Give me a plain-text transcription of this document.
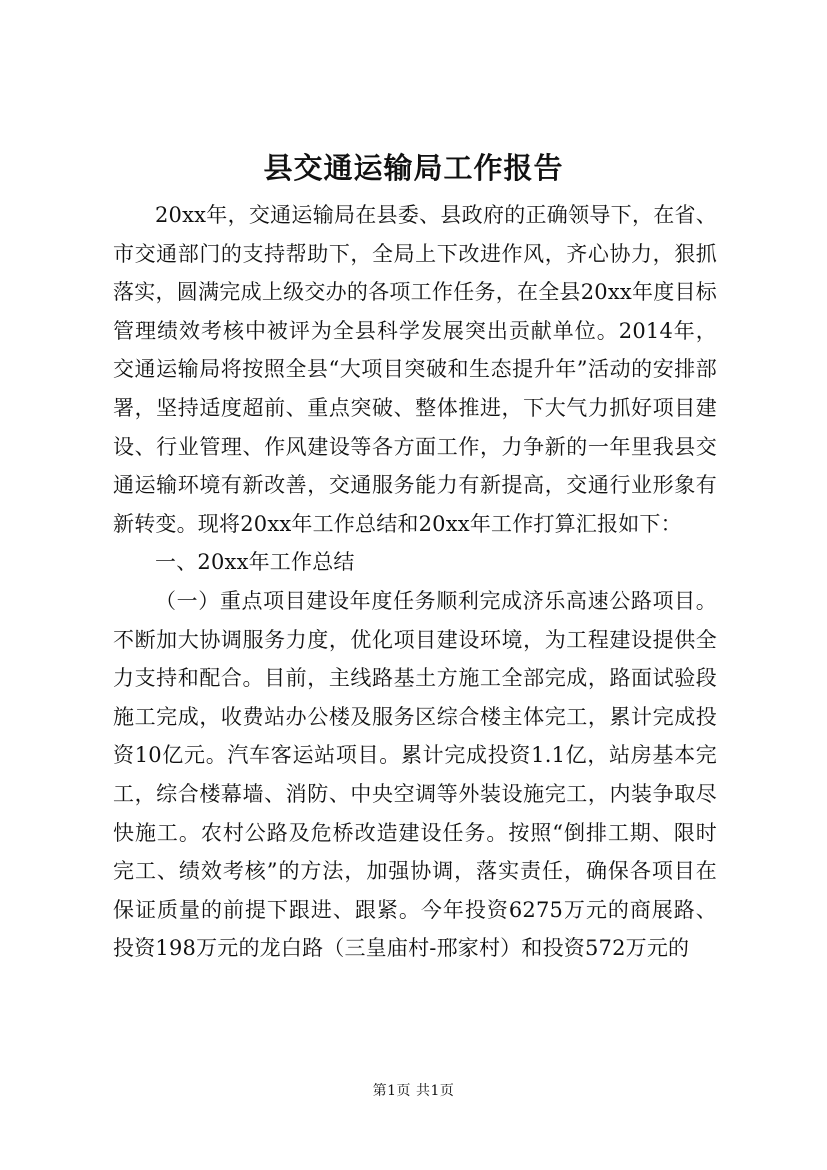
县交通运输局工作报告

20xx年，交通运输局在县委、县政府的正确领导下，在省、市交通部门的支持帮助下，全局上下改进作风，齐心协力，狠抓落实，圆满完成上级交办的各项工作任务，在全县20xx年度目标管理绩效考核中被评为全县科学发展突出贡献单位。2014年，交通运输局将按照全县“大项目突破和生态提升年”活动的安排部署，坚持适度超前、重点突破、整体推进，下大气力抓好项目建设、行业管理、作风建设等各方面工作，力争新的一年里我县交通运输环境有新改善，交通服务能力有新提高，交通行业形象有新转变。现将20xx年工作总结和20xx年工作打算汇报如下：

一、20xx年工作总结

（一）重点项目建设年度任务顺利完成济乐高速公路项目。不断加大协调服务力度，优化项目建设环境，为工程建设提供全力支持和配合。目前，主线路基土方施工全部完成，路面试验段施工完成，收费站办公楼及服务区综合楼主体完工，累计完成投资10亿元。汽车客运站项目。累计完成投资1.1亿，站房基本完工，综合楼幕墙、消防、中央空调等外装设施完工，内装争取尽快施工。农村公路及危桥改造建设任务。按照“倒排工期、限时完工、绩效考核”的方法，加强协调，落实责任，确保各项目在保证质量的前提下跟进、跟紧。今年投资6275万元的商展路、投资198万元的龙白路（三皇庙村-邢家村）和投资572万元的

第1页 共1页
